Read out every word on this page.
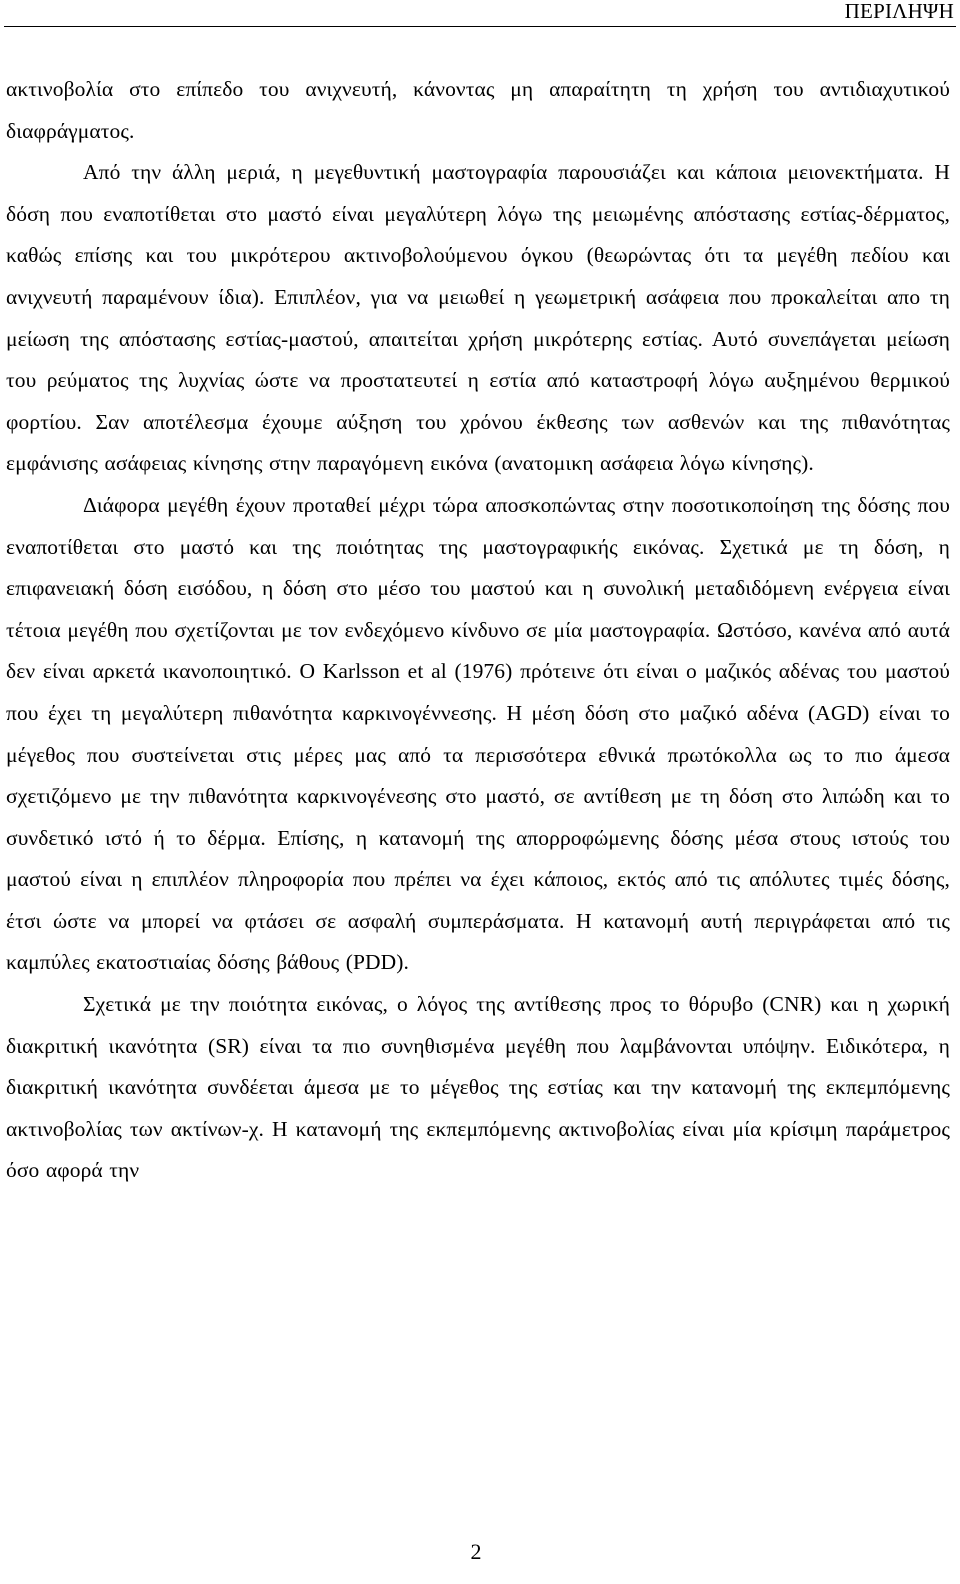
ΠΕΡΙΛΗΨΗ

ακτινοβολία στο επίπεδο του ανιχνευτή, κάνοντας μη απαραίτητη τη χρήση του αντιδιαχυτικού διαφράγματος.

Από την άλλη μεριά, η μεγεθυντική μαστογραφία παρουσιάζει και κάποια μειονεκτήματα. Η δόση που εναποτίθεται στο μαστό είναι μεγαλύτερη λόγω της μειωμένης απόστασης εστίας-δέρματος, καθώς επίσης και του μικρότερου ακτινοβολούμενου όγκου (θεωρώντας ότι τα μεγέθη πεδίου και ανιχνευτή παραμένουν ίδια). Επιπλέον, για να μειωθεί η γεωμετρική ασάφεια που προκαλείται απο τη μείωση της απόστασης εστίας-μαστού, απαιτείται χρήση μικρότερης εστίας. Αυτό συνεπάγεται μείωση του ρεύματος της λυχνίας ώστε να προστατευτεί η εστία από καταστροφή λόγω αυξημένου θερμικού φορτίου. Σαν αποτέλεσμα έχουμε αύξηση του χρόνου έκθεσης των ασθενών και της πιθανότητας εμφάνισης ασάφειας κίνησης στην παραγόμενη εικόνα (ανατομικη ασάφεια λόγω κίνησης).

Διάφορα μεγέθη έχουν προταθεί μέχρι τώρα αποσκοπώντας στην ποσοτικοποίηση της δόσης που εναποτίθεται στο μαστό και της ποιότητας της μαστογραφικής εικόνας. Σχετικά με τη δόση, η επιφανειακή δόση εισόδου, η δόση στο μέσο του μαστού και η συνολική μεταδιδόμενη ενέργεια είναι τέτοια μεγέθη που σχετίζονται με τον ενδεχόμενο κίνδυνο σε μία μαστογραφία. Ωστόσο, κανένα από αυτά δεν είναι αρκετά ικανοποιητικό. Ο Karlsson et al (1976) πρότεινε ότι είναι ο μαζικός αδένας του μαστού που έχει τη μεγαλύτερη πιθανότητα καρκινογέννεσης. Η μέση δόση στο μαζικό αδένα (AGD) είναι το μέγεθος που συστείνεται στις μέρες μας από τα περισσότερα εθνικά πρωτόκολλα ως το πιο άμεσα σχετιζόμενο με την πιθανότητα καρκινογένεσης στο μαστό, σε αντίθεση με τη δόση στο λιπώδη και το συνδετικό ιστό ή το δέρμα. Επίσης, η κατανομή της απορροφώμενης δόσης μέσα στους ιστούς του μαστού είναι η επιπλέον πληροφορία που πρέπει να έχει κάποιος, εκτός από τις απόλυτες τιμές δόσης, έτσι ώστε να μπορεί να φτάσει σε ασφαλή συμπεράσματα. Η κατανομή αυτή περιγράφεται από τις καμπύλες εκατοστιαίας δόσης βάθους (PDD).

Σχετικά με την ποιότητα εικόνας, ο λόγος της αντίθεσης προς το θόρυβο (CNR) και η χωρική διακριτική ικανότητα (SR) είναι τα πιο συνηθισμένα μεγέθη που λαμβάνονται υπόψην. Ειδικότερα, η διακριτική ικανότητα συνδέεται άμεσα με το μέγεθος της εστίας και την κατανομή της εκπεμπόμενης ακτινοβολίας των ακτίνων-χ. Η κατανομή της εκπεμπόμενης ακτινοβολίας είναι μία κρίσιμη παράμετρος όσο αφορά την

2
